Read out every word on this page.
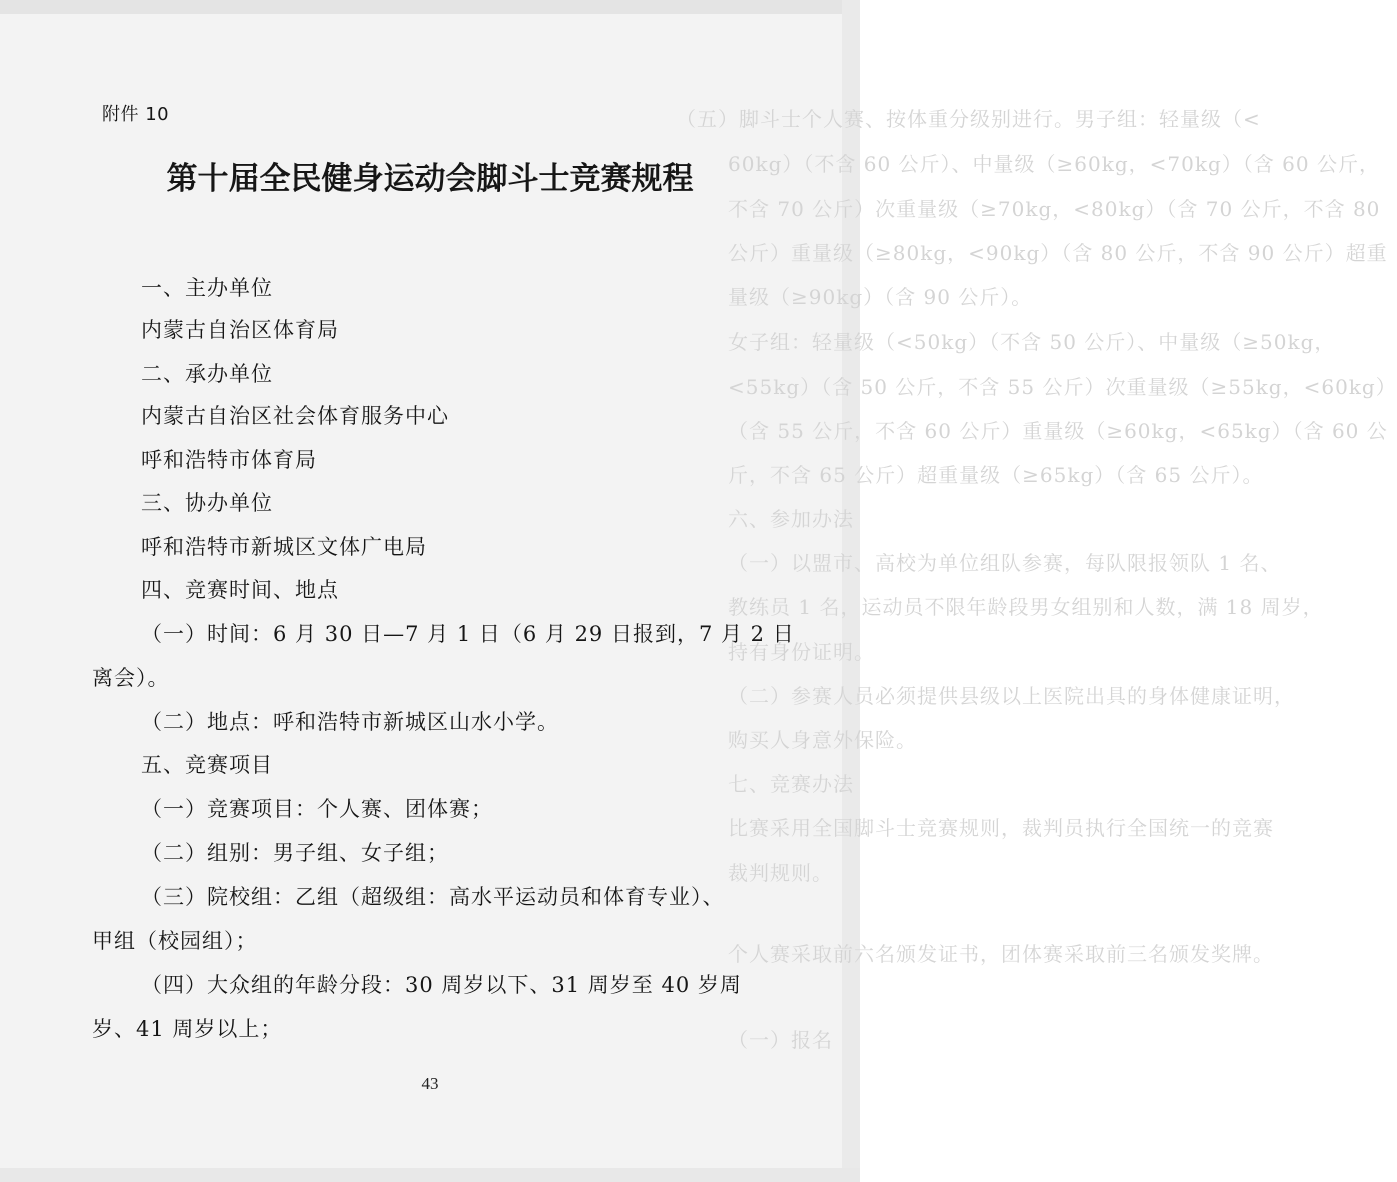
（五）脚斗士个人赛、按体重分级别进行。男子组：轻量级（<
60kg）（不含 60 公斤）、中量级（≥60kg，<70kg）（含 60 公斤，
不含 70 公斤）次重量级（≥70kg，<80kg）（含 70 公斤，不含 80
公斤）重量级（≥80kg，<90kg）（含 80 公斤，不含 90 公斤）超重
量级（≥90kg）（含 90 公斤）。
女子组：轻量级（<50kg）（不含 50 公斤）、中量级（≥50kg，
<55kg）（含 50 公斤，不含 55 公斤）次重量级（≥55kg，<60kg）
（含 55 公斤，不含 60 公斤）重量级（≥60kg，<65kg）（含 60 公
斤，不含 65 公斤）超重量级（≥65kg）（含 65 公斤）。
六、参加办法
（一）以盟市、高校为单位组队参赛，每队限报领队 1 名、
教练员 1 名，运动员不限年龄段男女组别和人数，满 18 周岁，
持有身份证明。
（二）参赛人员必须提供县级以上医院出具的身体健康证明，
购买人身意外保险。
七、竞赛办法
比赛采用全国脚斗士竞赛规则，裁判员执行全国统一的竞赛
裁判规则。
个人赛采取前六名颁发证书，团体赛采取前三名颁发奖牌。
（一）报名
附件 10
第十届全民健身运动会脚斗士竞赛规程
一、主办单位
内蒙古自治区体育局
二、承办单位
内蒙古自治区社会体育服务中心
呼和浩特市体育局
三、协办单位
呼和浩特市新城区文体广电局
四、竞赛时间、地点
（一）时间：6 月 30 日—7 月 1 日（6 月 29 日报到，7 月 2 日
离会）。
（二）地点：呼和浩特市新城区山水小学。
五、竞赛项目
（一）竞赛项目：个人赛、团体赛；
（二）组别：男子组、女子组；
（三）院校组：乙组（超级组：高水平运动员和体育专业）、
甲组（校园组）；
（四）大众组的年龄分段：30 周岁以下、31 周岁至 40 岁周
岁、41 周岁以上；
43
